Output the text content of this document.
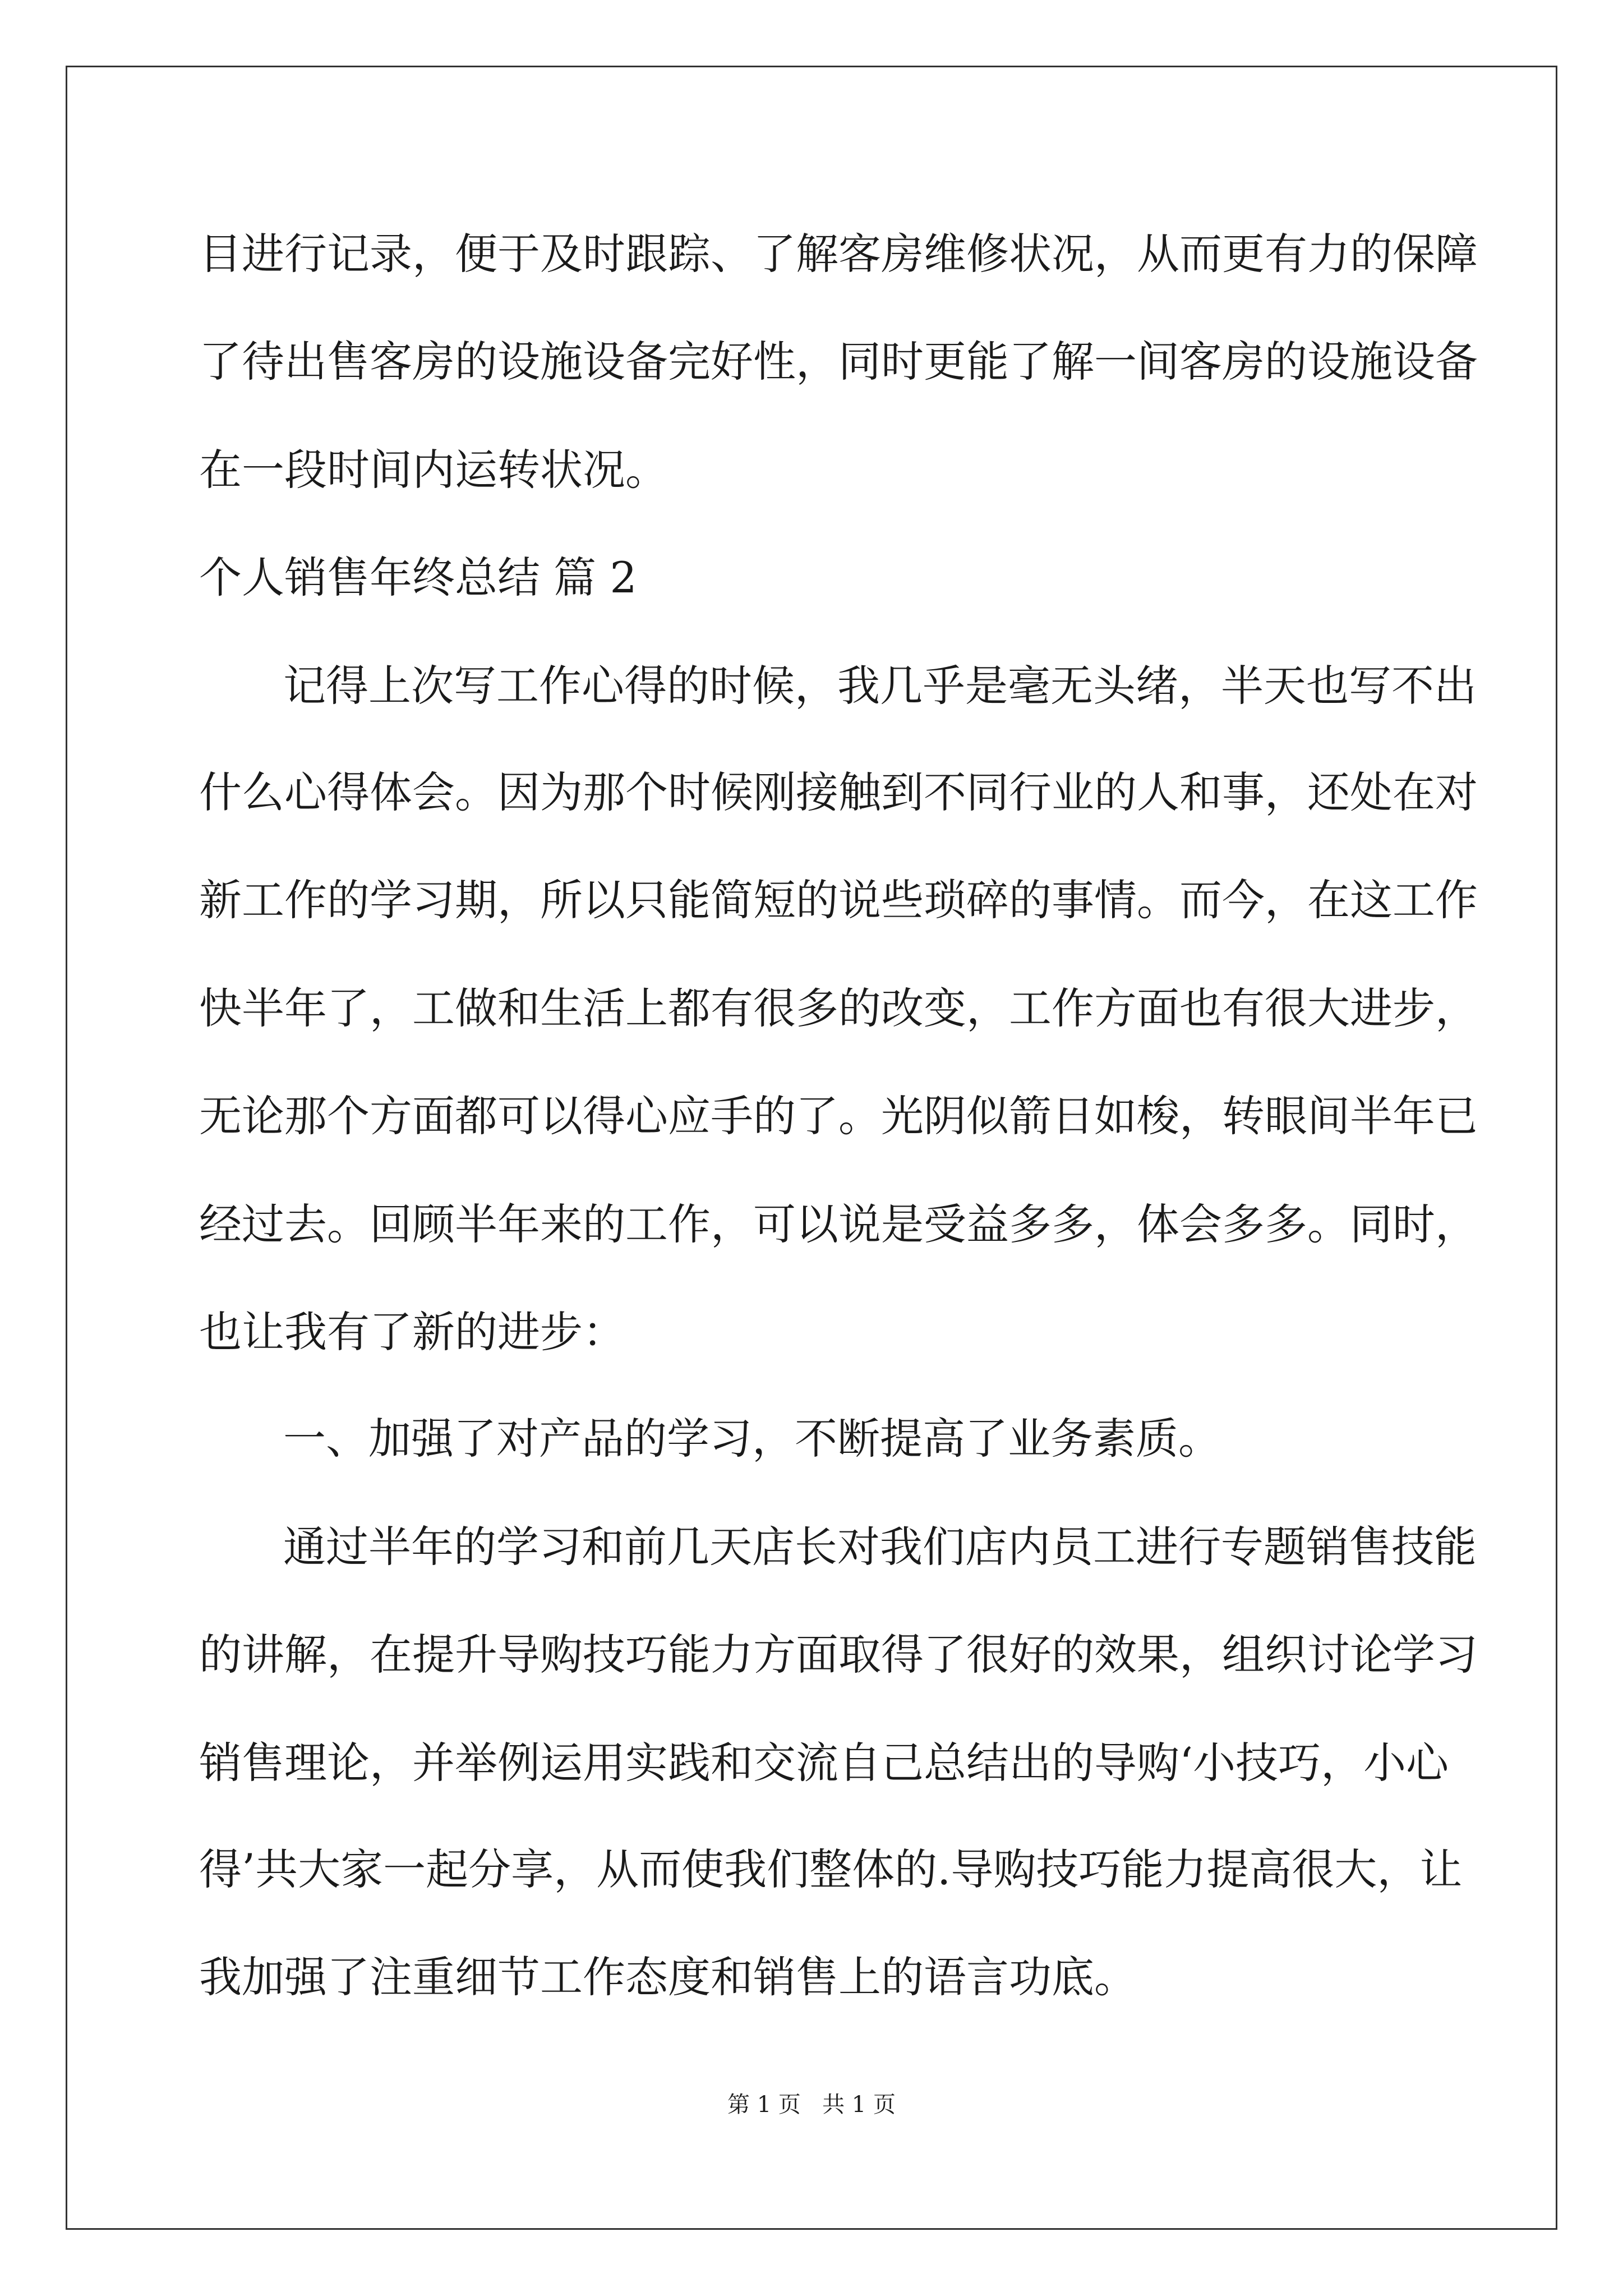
目进行记录，便于及时跟踪、了解客房维修状况，从而更有力的保障

了待出售客房的设施设备完好性，同时更能了解一间客房的设施设备

在一段时间内运转状况。

个人销售年终总结 篇 2

记得上次写工作心得的时候，我几乎是毫无头绪，半天也写不出

什么心得体会。因为那个时候刚接触到不同行业的人和事，还处在对

新工作的学习期，所以只能简短的说些琐碎的事情。而今，在这工作

快半年了，工做和生活上都有很多的改变，工作方面也有很大进步，

无论那个方面都可以得心应手的了。光阴似箭日如梭，转眼间半年已

经过去。回顾半年来的工作，可以说是受益多多，体会多多。同时，

也让我有了新的进步：

一、加强了对产品的学习，不断提高了业务素质。

通过半年的学习和前几天店长对我们店内员工进行专题销售技能

的讲解，在提升导购技巧能力方面取得了很好的效果，组织讨论学习

销售理论，并举例运用实践和交流自己总结出的导购‘小技巧，小心

得’共大家一起分享，从而使我们整体的.导购技巧能力提高很大，让

我加强了注重细节工作态度和销售上的语言功底。

第 1 页   共 1 页
